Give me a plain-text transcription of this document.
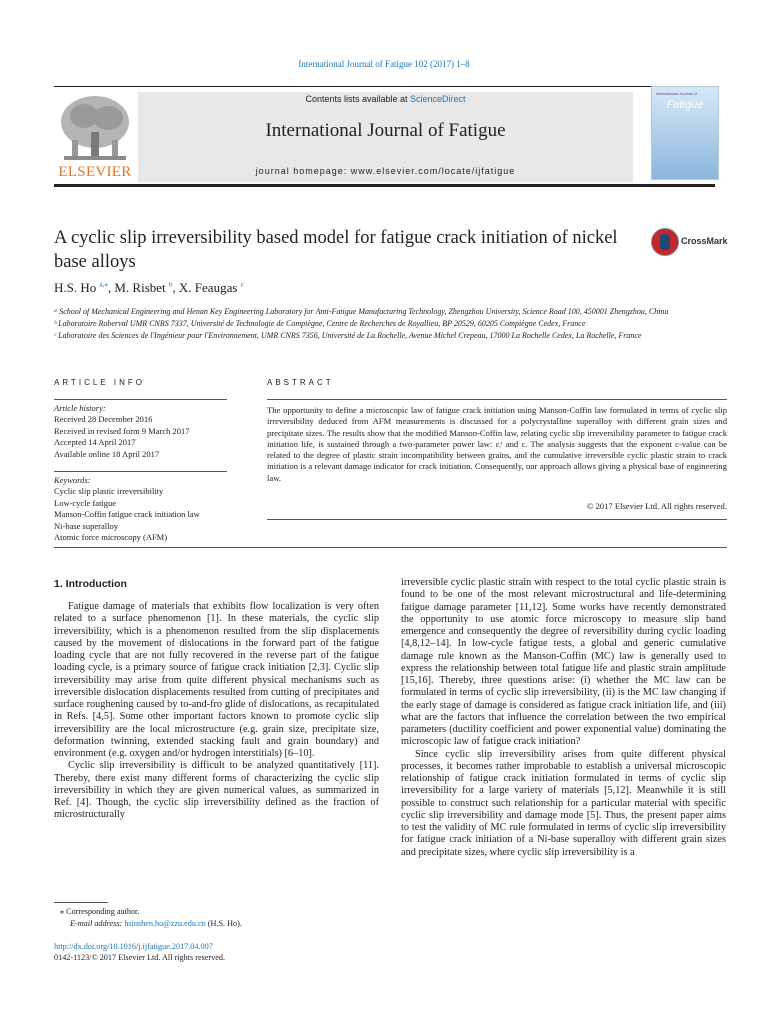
International Journal of Fatigue 102 (2017) 1–8
ELSEVIER
Contents lists available at ScienceDirect
International Journal of Fatigue
journal homepage: www.elsevier.com/locate/ijfatigue
International Journal of
Fatigue
A cyclic slip irreversibility based model for fatigue crack initiation of nickel base alloys
CrossMark
H.S. Ho $^{a,⁎}$, M. Risbet $^b$, X. Feaugas $^c$

ᵃ School of Mechanical Engineering and Henan Key Engineering Laboratory for Anti-Fatigue Manufacturing Technology, Zhengzhou University, Science Road 100, 450001 Zhengzhou, China

ᵇ Laboratoire Roberval UMR CNRS 7337, Université de Technologie de Compiègne, Centre de Recherches de Royallieu, BP 20529, 60205 Compiègne Cedex, France

ᶜ Laboratoire des Sciences de l'Ingénieur pour l'Environnement, UMR CNRS 7356, Université de La Rochelle, Avenue Michel Crepeau, 17000 La Rochelle Cedex, La Rochelle, France

ARTICLE INFO	ABSTRACT
Article history:
Received 28 December 2016
Received in revised form 9 March 2017
Accepted 14 April 2017
Available online 18 April 2017
Keywords:
Cyclic slip plastic irreversibility
Low-cycle fatigue
Manson-Coffin fatigue crack initiation law
Ni-base superalloy
Atomic force microscopy (AFM)
The opportunity to define a microscopic law of fatigue crack initiation using Manson-Coffin law formulated in terms of cyclic slip irreversibility deduced from AFM measurements is discussed for a polycrystalline superalloy with different grain sizes and precipitate sizes. The results show that the modified Manson-Coffin law, relating cyclic slip irreversibility parameter to fatigue crack initiation life, is sustained through a two-parameter power law: εᵢʳ and c. The analysis suggests that the exponent c-value can be related to the degree of plastic strain incompatibility between grains, and the cumulative irreversible cyclic plastic strain to crack initiation is a relevant damage indicator for crack initiation. Consequently, our approach allows giving a physical base of engineering law.
© 2017 Elsevier Ltd. All rights reserved.
1. Introduction

Fatigue damage of materials that exhibits flow localization is very often related to a surface phenomenon [1]. In these materials, the cyclic slip irreversibility, which is a phenomenon resulted from the slip displacements caused by the movement of dislocations in the forward part of the fatigue loading cycle that are not fully recovered in the reverse part of the fatigue loading cycle, is a primary source of fatigue crack initiation [2,3]. Cyclic slip irreversibility may arise from quite different physical mechanisms such as irreversible dislocation displacements resulted from cutting of precipitates and surface roughening caused by to-and-fro glide of dislocations, as recapitulated in Refs. [4,5]. Some other important factors known to promote cyclic slip irreversibility are the local microstructure (e.g. grain size, precipitate size, deformation twinning, extended stacking fault and grain boundary) and environment (e.g. oxygen and/or hydrogen interstitials) [6–10].

Cyclic slip irreversibility is difficult to be analyzed quantitatively [11]. Thereby, there exist many different forms of characterizing the cyclic slip irreversibility in which they are given numerical values, as summarized in Ref. [4]. Though, the cyclic slip irreversibility defined as the fraction of microstructurally

irreversible cyclic plastic strain with respect to the total cyclic plastic strain is found to be one of the most relevant microstructural and life-determining fatigue damage parameter [11,12]. Some works have recently demonstrated the opportunity to use atomic force microscopy to measure slip band emergence and consequently the degree of reversibility during cyclic loading [4,8,12–14]. In low-cycle fatigue tests, a global and generic cumulative damage rule known as the Manson-Coffin (MC) law is generally used to express the relationship between total fatigue life and plastic strain amplitude [15,16]. Thereby, three questions arise: (i) whether the MC law can be formulated in terms of cyclic slip irreversibility, (ii) is the MC law changing if the early stage of damage is considered as fatigue crack initiation life, and (iii) what are the factors that influence the correlation between the two empirical parameters (ductility coefficient and power exponential value) dominating the microscopic law of fatigue crack initiation?

Since cyclic slip irreversibility arises from quite different physical processes, it becomes rather improbable to establish a universal microscopic relationship of fatigue crack initiation formulated in terms of cyclic slip irreversibility for a large variety of materials [5,12]. Meanwhile it is still possible to construct such relationship for a particular material with specific cyclic slip irreversibility and damage mode [5]. Thus, the present paper aims to test the validity of MC rule formulated in terms of cyclic slip irreversibility for fatigue crack initiation of a Ni-base superalloy with different grain sizes and precipitate sizes, where cyclic slip irreversibility is a

⁎ Corresponding author.
E-mail address: hsinshen.ho@zzu.edu.cn (H.S. Ho).
http://dx.doi.org/10.1016/j.ijfatigue.2017.04.007
0142-1123/© 2017 Elsevier Ltd. All rights reserved.
